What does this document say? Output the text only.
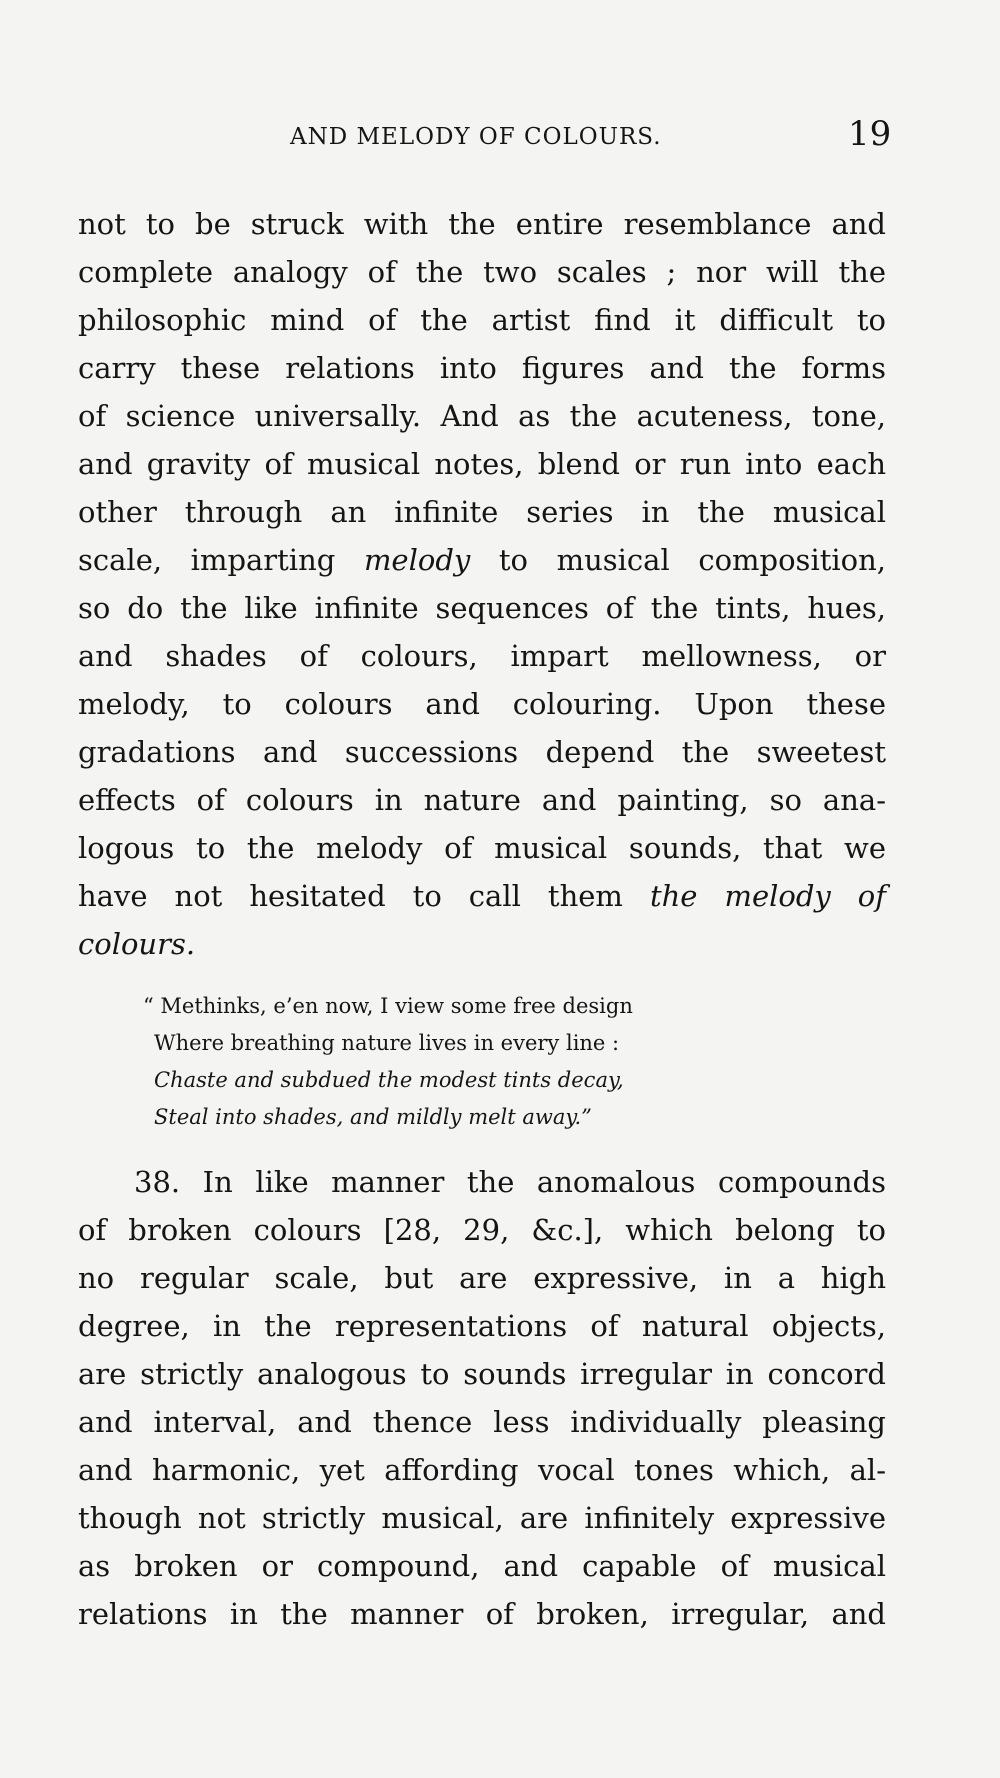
AND MELODY OF COLOURS.	19
not to be struck with the entire resemblance and
complete analogy of the two scales ; nor will the
philosophic mind of the artist find it difficult to
carry these relations into figures and the forms
of science universally. And as the acuteness, tone,
and gravity of musical notes, blend or run into each
other through an infinite series in the musical
scale, imparting melody to musical composition,
so do the like infinite sequences of the tints, hues,
and shades of colours, impart mellowness, or
melody, to colours and colouring. Upon these
gradations and successions depend the sweetest
effects of colours in nature and painting, so ana-
logous to the melody of musical sounds, that we
have not hesitated to call them the melody of
colours.
“ Methinks, e’en now, I view some free design
Where breathing nature lives in every line :
Chaste and subdued the modest tints decay,
Steal into shades, and mildly melt away.”
38. In like manner the anomalous compounds
of broken colours [28, 29, &c.], which belong to
no regular scale, but are expressive, in a high
degree, in the representations of natural objects,
are strictly analogous to sounds irregular in concord
and interval, and thence less individually pleasing
and harmonic, yet affording vocal tones which, al-
though not strictly musical, are infinitely expressive
as broken or compound, and capable of musical
relations in the manner of broken, irregular, and
